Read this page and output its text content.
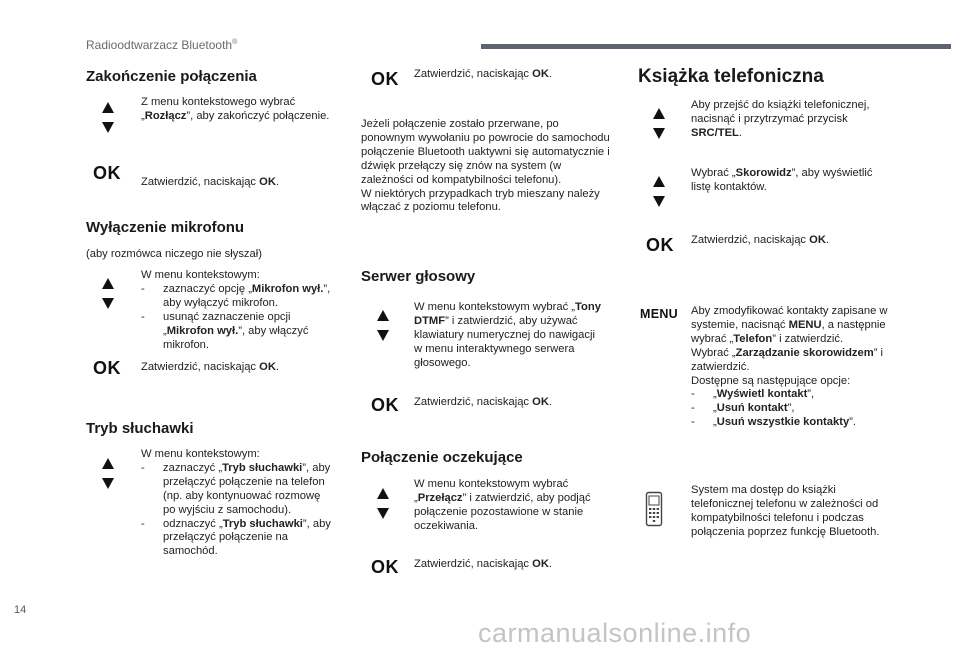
Radioodtwarzacz Bluetooth®
Zakończenie połączenia
Z menu kontekstowego wybrać „Rozłącz”, aby zakończyć połączenie.
OK Zatwierdzić, naciskając OK.
Wyłączenie mikrofonu
(aby rozmówca niczego nie słyszał)
W menu kontekstowym:
- zaznaczyć opcję „Mikrofon wył.”, aby wyłączyć mikrofon.
- usunąć zaznaczenie opcji „Mikrofon wył.”, aby włączyć mikrofon.
OK Zatwierdzić, naciskając OK.
Tryb słuchawki
W menu kontekstowym:
- zaznaczyć „Tryb słuchawki”, aby przełączyć połączenie na telefon (np. aby kontynuować rozmowę po wyjściu z samochodu).
- odznaczyć „Tryb słuchawki”, aby przełączyć połączenie na samochód.
OK Zatwierdzić, naciskając OK.
Jeżeli połączenie zostało przerwane, po ponownym wywołaniu po powrocie do samochodu połączenie Bluetooth uaktywni się automatycznie i dźwięk przełączy się znów na system (w zależności od kompatybilności telefonu).
W niektórych przypadkach tryb mieszany należy włączać z poziomu telefonu.
Serwer głosowy
W menu kontekstowym wybrać „Tony DTMF” i zatwierdzić, aby używać klawiatury numerycznej do nawigacji w menu interaktywnego serwera głosowego.
OK Zatwierdzić, naciskając OK.
Połączenie oczekujące
W menu kontekstowym wybrać „Przełącz” i zatwierdzić, aby podjąć połączenie pozostawione w stanie oczekiwania.
OK Zatwierdzić, naciskając OK.
Książka telefoniczna
Aby przejść do książki telefonicznej, nacisnąć i przytrzymać przycisk SRC/TEL.
Wybrać „Skorowidz”, aby wyświetlić listę kontaktów.
OK Zatwierdzić, naciskając OK.
MENU Aby zmodyfikować kontakty zapisane w systemie, nacisnąć MENU, a następnie wybrać „Telefon” i zatwierdzić.
Wybrać „Zarządzanie skorowidzem” i zatwierdzić.
Dostępne są następujące opcje:
- „Wyświetl kontakt”,
- „Usuń kontakt”,
- „Usuń wszystkie kontakty”.
System ma dostęp do książki telefonicznej telefonu w zależności od kompatybilności telefonu i podczas połączenia poprzez funkcję Bluetooth.
14
carmanualsonline.info
